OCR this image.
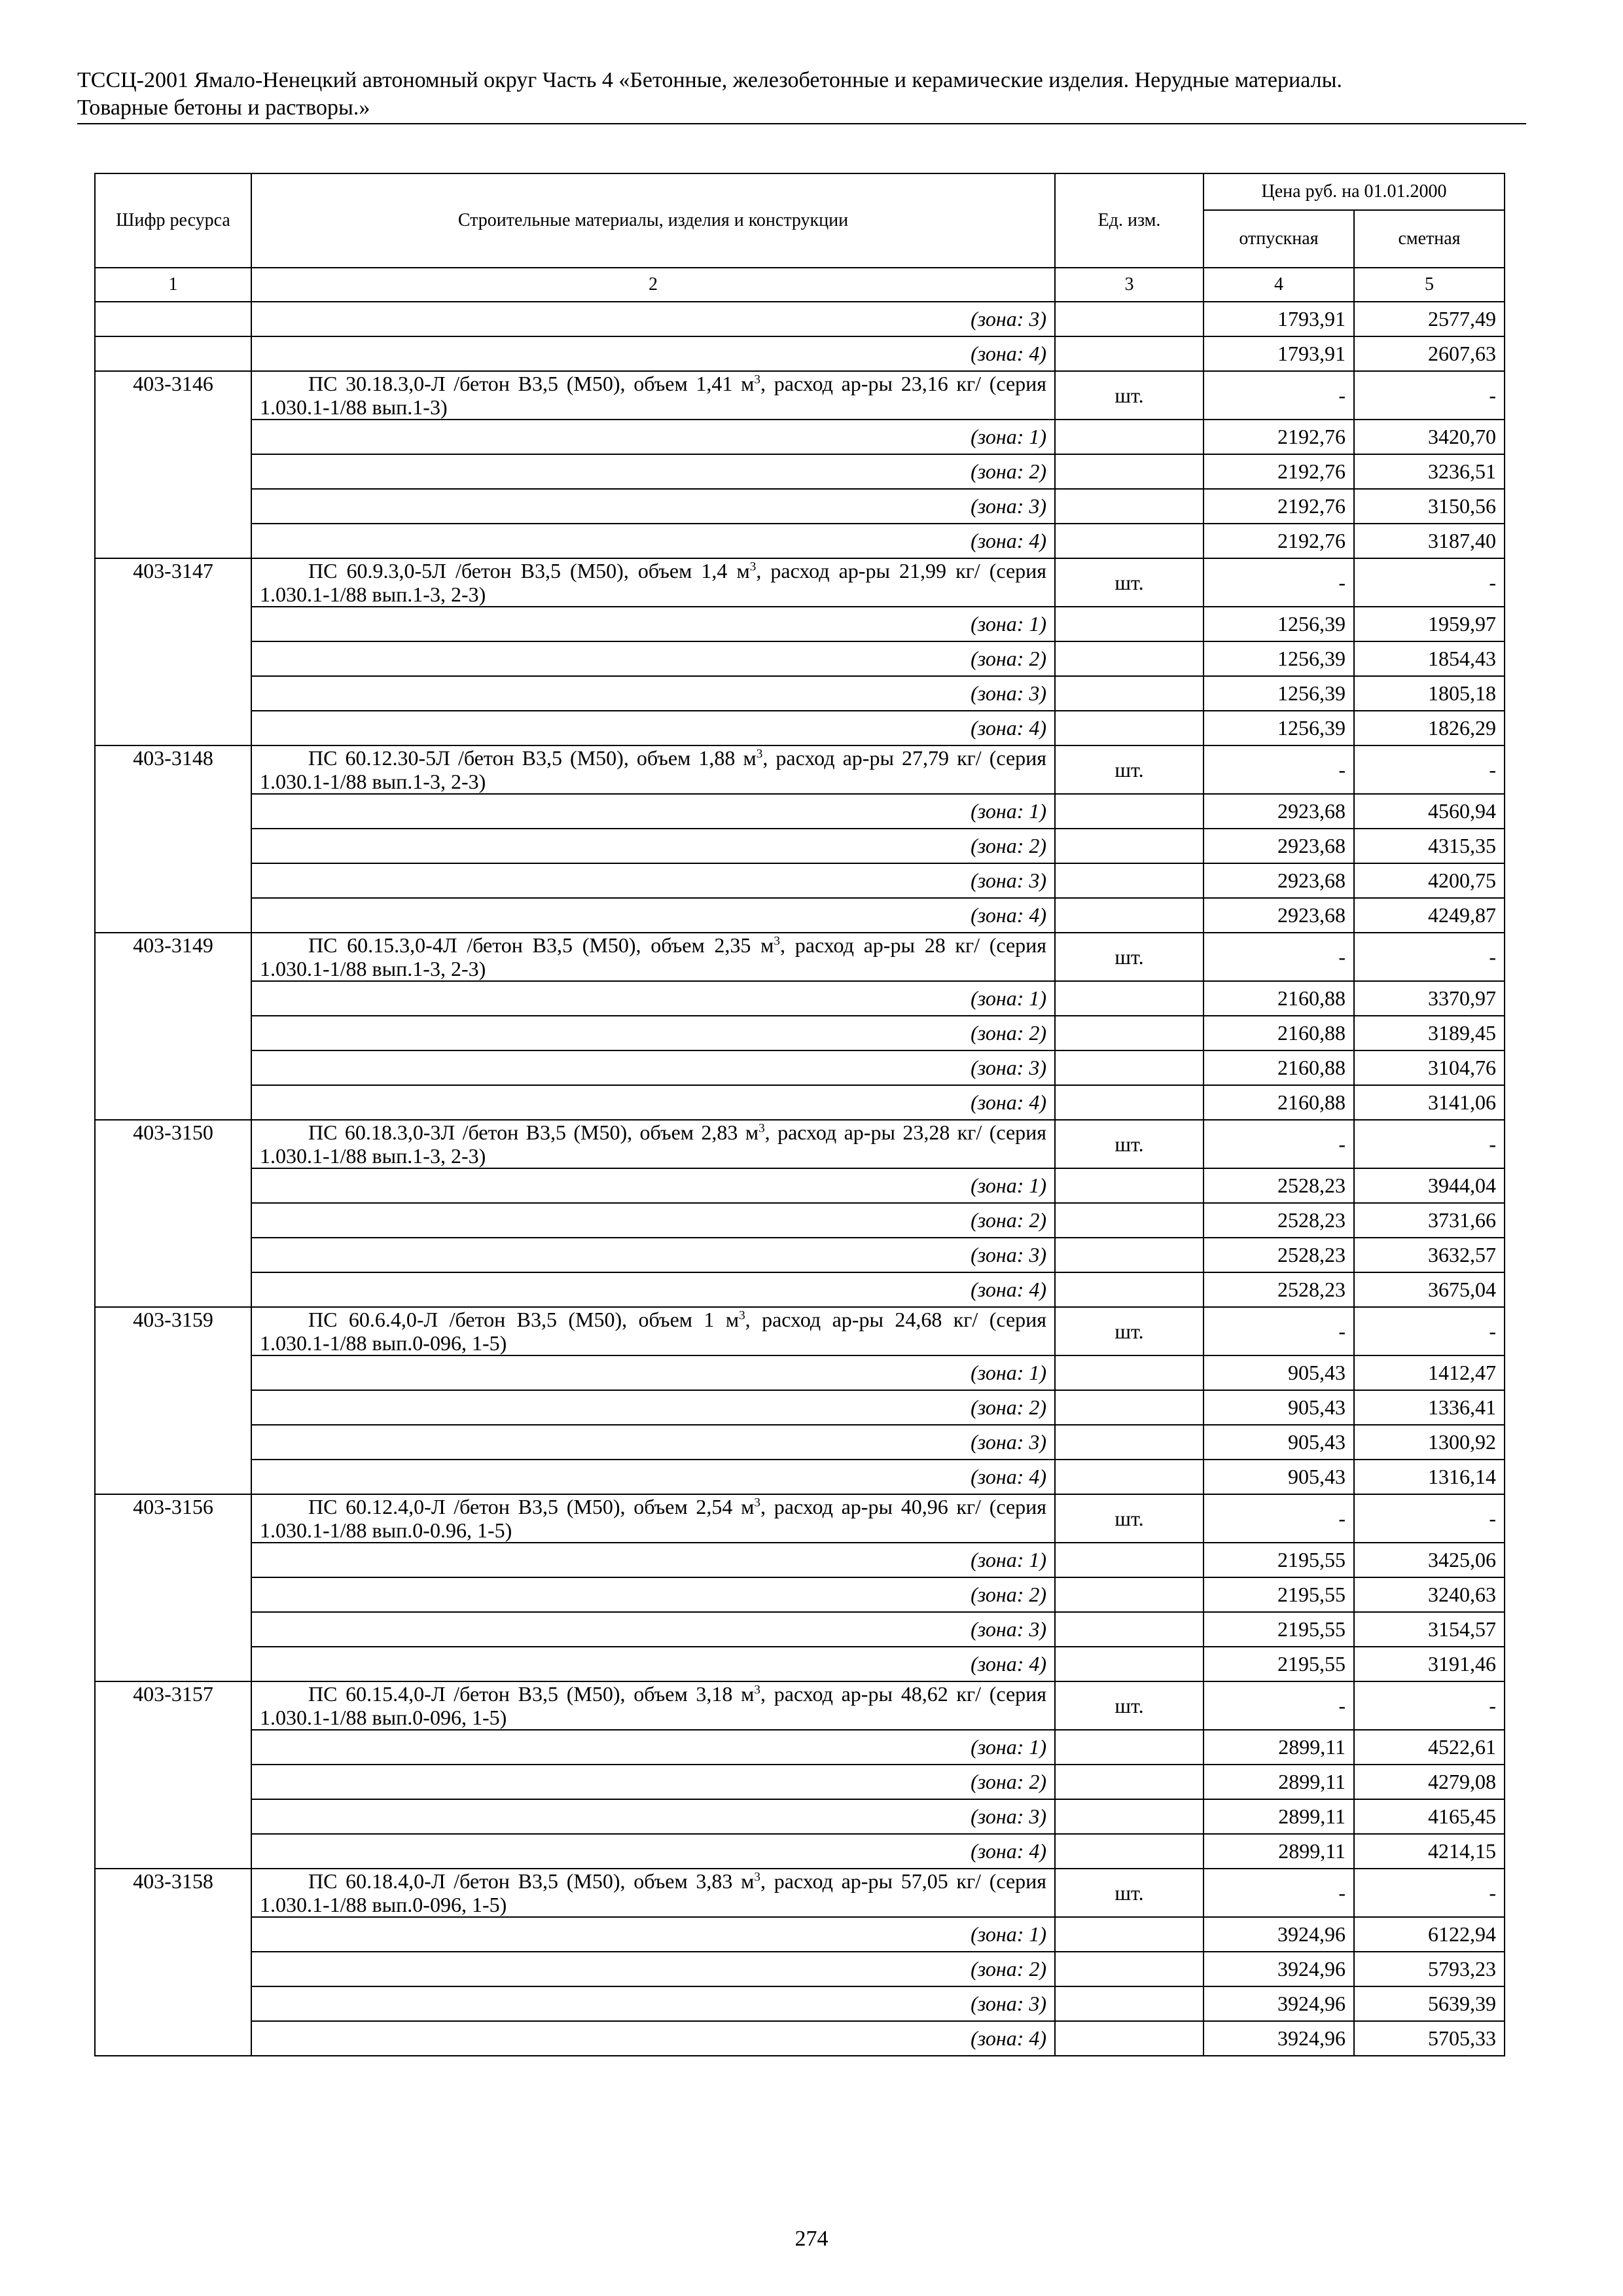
ТССЦ-2001 Ямало-Ненецкий автономный округ Часть 4 «Бетонные, железобетонные и керамические изделия. Нерудные материалы.
Товарные бетоны и растворы.»
Шифр ресурса	Строительные материалы, изделия и конструкции	Ед. изм.	Цена руб. на 01.01.2000	
			отпускная	сметная
1	2	3	4	5
	(зона: 3)		1793,91	2577,49
	(зона: 4)		1793,91	2607,63
403-3146	ПС 30.18.3,0-Л /бетон В3,5 (М50), объем 1,41 $м^3$, расход ар-ры 23,16 кг/ (серия 1.030.1-1/88 вып.1-3)	шт.	-	-
	(зона: 1)		2192,76	3420,70
	(зона: 2)		2192,76	3236,51
	(зона: 3)		2192,76	3150,56
	(зона: 4)		2192,76	3187,40
403-3147	ПС 60.9.3,0-5Л /бетон В3,5 (М50), объем 1,4 $м^3$, расход ар-ры 21,99 кг/ (серия 1.030.1-1/88 вып.1-3, 2-3)	шт.	-	-
	(зона: 1)		1256,39	1959,97
	(зона: 2)		1256,39	1854,43
	(зона: 3)		1256,39	1805,18
	(зона: 4)		1256,39	1826,29
403-3148	ПС 60.12.30-5Л /бетон В3,5 (М50), объем 1,88 $м^3$, расход ар-ры 27,79 кг/ (серия 1.030.1-1/88 вып.1-3, 2-3)	шт.	-	-
	(зона: 1)		2923,68	4560,94
	(зона: 2)		2923,68	4315,35
	(зона: 3)		2923,68	4200,75
	(зона: 4)		2923,68	4249,87
403-3149	ПС 60.15.3,0-4Л /бетон В3,5 (М50), объем 2,35 $м^3$, расход ар-ры 28 кг/ (серия 1.030.1-1/88 вып.1-3, 2-3)	шт.	-	-
	(зона: 1)		2160,88	3370,97
	(зона: 2)		2160,88	3189,45
	(зона: 3)		2160,88	3104,76
	(зона: 4)		2160,88	3141,06
403-3150	ПС 60.18.3,0-3Л /бетон В3,5 (М50), объем 2,83 $м^3$, расход ар-ры 23,28 кг/ (серия 1.030.1-1/88 вып.1-3, 2-3)	шт.	-	-
	(зона: 1)		2528,23	3944,04
	(зона: 2)		2528,23	3731,66
	(зона: 3)		2528,23	3632,57
	(зона: 4)		2528,23	3675,04
403-3159	ПС 60.6.4,0-Л /бетон В3,5 (М50), объем 1 $м^3$, расход ар-ры 24,68 кг/ (серия 1.030.1-1/88 вып.0-096, 1-5)	шт.	-	-
	(зона: 1)		905,43	1412,47
	(зона: 2)		905,43	1336,41
	(зона: 3)		905,43	1300,92
	(зона: 4)		905,43	1316,14
403-3156	ПС 60.12.4,0-Л /бетон В3,5 (М50), объем 2,54 $м^3$, расход ар-ры 40,96 кг/ (серия 1.030.1-1/88 вып.0-0.96, 1-5)	шт.	-	-
	(зона: 1)		2195,55	3425,06
	(зона: 2)		2195,55	3240,63
	(зона: 3)		2195,55	3154,57
	(зона: 4)		2195,55	3191,46
403-3157	ПС 60.15.4,0-Л /бетон В3,5 (М50), объем 3,18 $м^3$, расход ар-ры 48,62 кг/ (серия 1.030.1-1/88 вып.0-096, 1-5)	шт.	-	-
	(зона: 1)		2899,11	4522,61
	(зона: 2)		2899,11	4279,08
	(зона: 3)		2899,11	4165,45
	(зона: 4)		2899,11	4214,15
403-3158	ПС 60.18.4,0-Л /бетон В3,5 (М50), объем 3,83 $м^3$, расход ар-ры 57,05 кг/ (серия 1.030.1-1/88 вып.0-096, 1-5)	шт.	-	-
	(зона: 1)		3924,96	6122,94
	(зона: 2)		3924,96	5793,23
	(зона: 3)		3924,96	5639,39
	(зона: 4)		3924,96	5705,33
274
